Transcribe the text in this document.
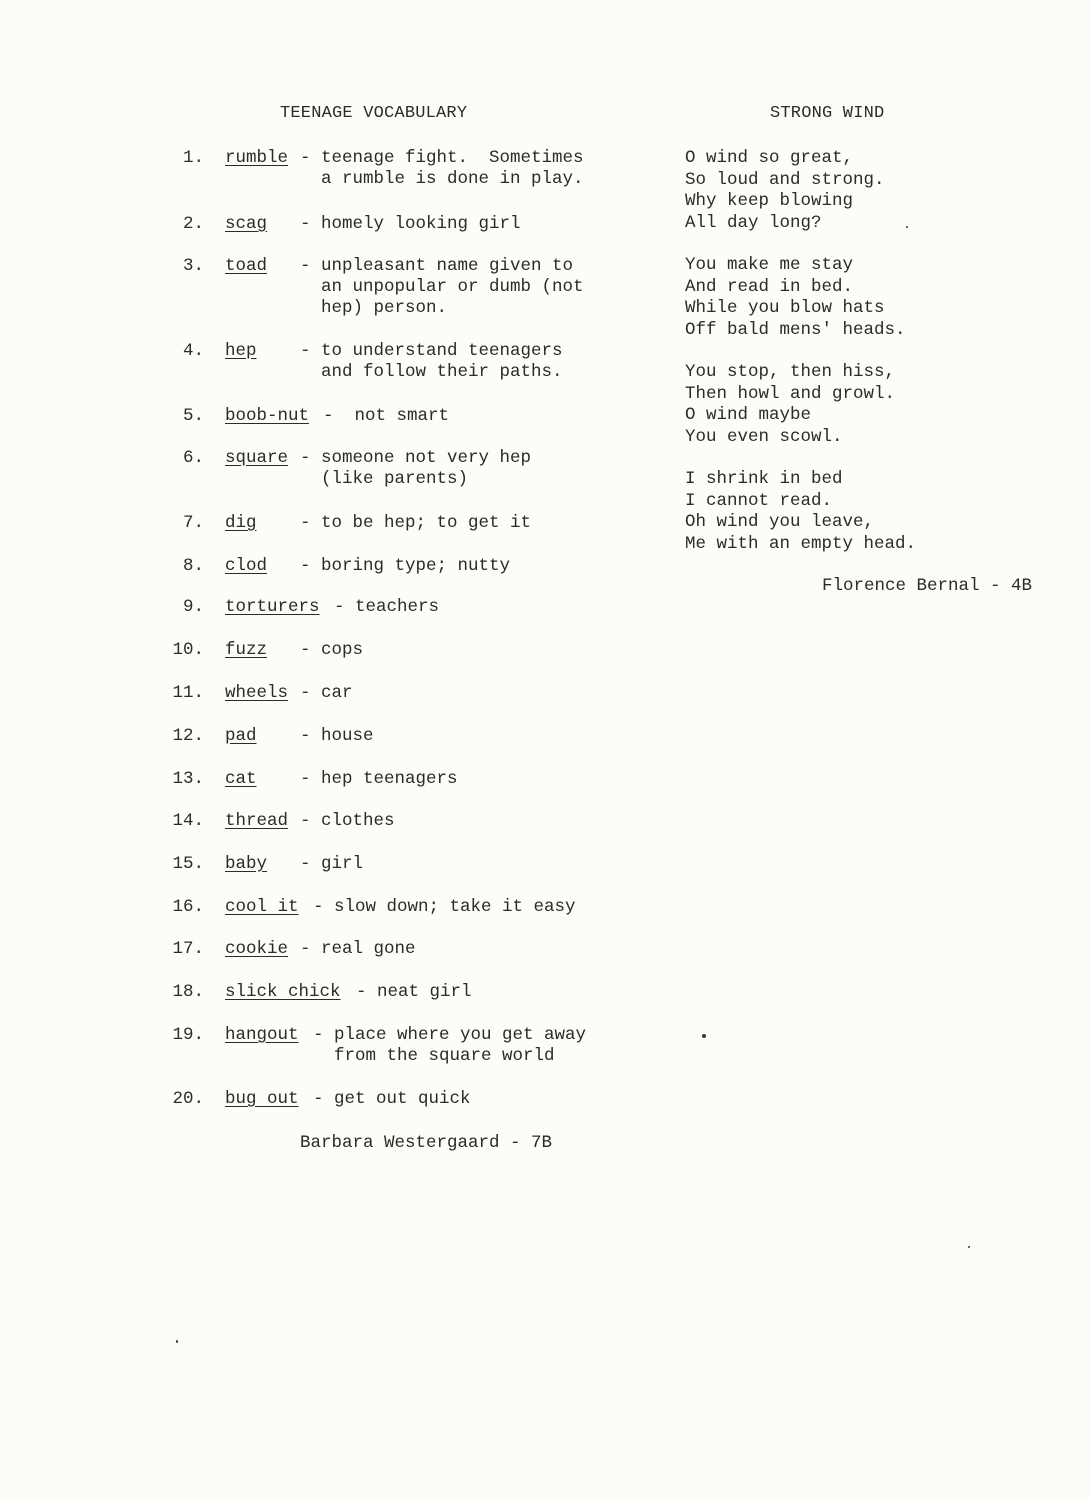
TEENAGE VOCABULARY	STRONG WIND
1. rumble - teenage fight.  Sometimes
a rumble is done in play.
2. scag - homely looking girl
3. toad - unpleasant name given to
an unpopular or dumb (not
hep) person.
4. hep - to understand teenagers
and follow their paths.
5. boob-nut - not smart
6. square - someone not very hep
(like parents)
7. dig - to be hep; to get it
8. clod - boring type; nutty
9. torturers - teachers
10. fuzz - cops
11. wheels - car
12. pad - house
13. cat - hep teenagers
14. thread - clothes
15. baby - girl
16. cool it - slow down; take it easy
17. cookie - real gone
18. slick chick - neat girl
19. hangout - place where you get away
from the square world
20. bug out - get out quick
Barbara Westergaard - 7B
O wind so great,
So loud and strong.
Why keep blowing
All day long?
You make me stay
And read in bed.
While you blow hats
Off bald mens' heads.
You stop, then hiss,
Then howl and growl.
O wind maybe
You even scowl.
I shrink in bed
I cannot read.
Oh wind you leave,
Me with an empty head.
Florence Bernal - 4B
